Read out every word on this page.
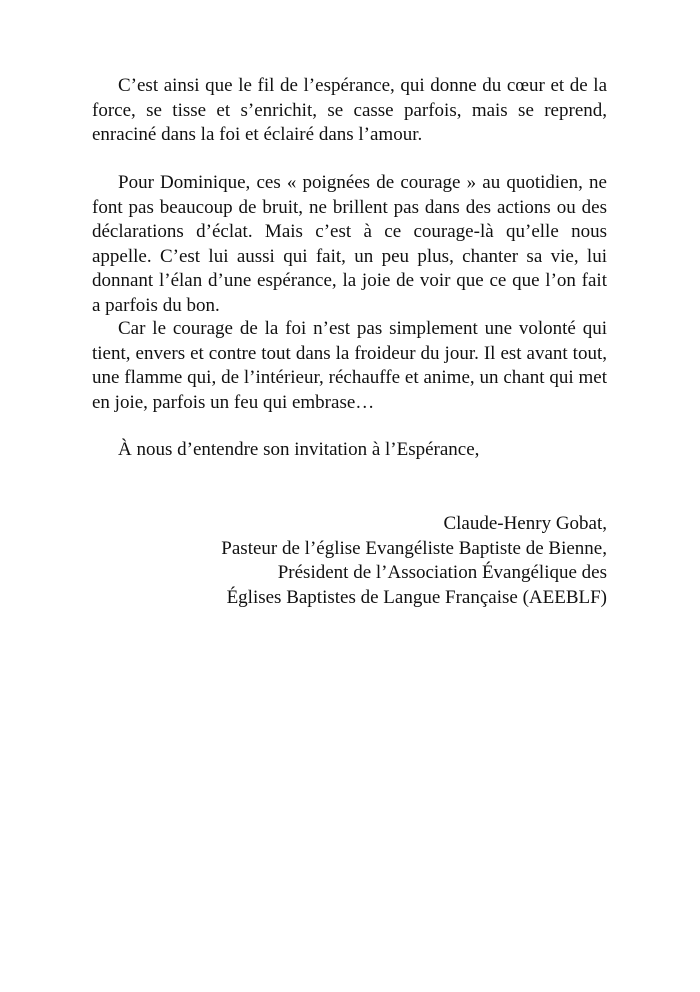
C’est ainsi que le fil de l’espérance, qui donne du cœur et de la force, se tisse et s’enrichit, se casse parfois, mais se reprend, enraciné dans la foi et éclairé dans l’amour.

Pour Dominique, ces « poignées de courage » au quotidien, ne font pas beaucoup de bruit, ne brillent pas dans des actions ou des déclarations d’éclat. Mais c’est à ce courage-là qu’elle nous appelle. C’est lui aussi qui fait, un peu plus, chanter sa vie, lui donnant l’élan d’une espérance, la joie de voir que ce que l’on fait a parfois du bon.

Car le courage de la foi n’est pas simplement une volonté qui tient, envers et contre tout dans la froideur du jour. Il est avant tout, une flamme qui, de l’intérieur, réchauffe et anime, un chant qui met en joie, parfois un feu qui embrase…

À nous d’entendre son invitation à l’Espérance,

Claude-Henry Gobat,
Pasteur de l’église Evangéliste Baptiste de Bienne,
Président de l’Association Évangélique des
Églises Baptistes de Langue Française (AEEBLF)
